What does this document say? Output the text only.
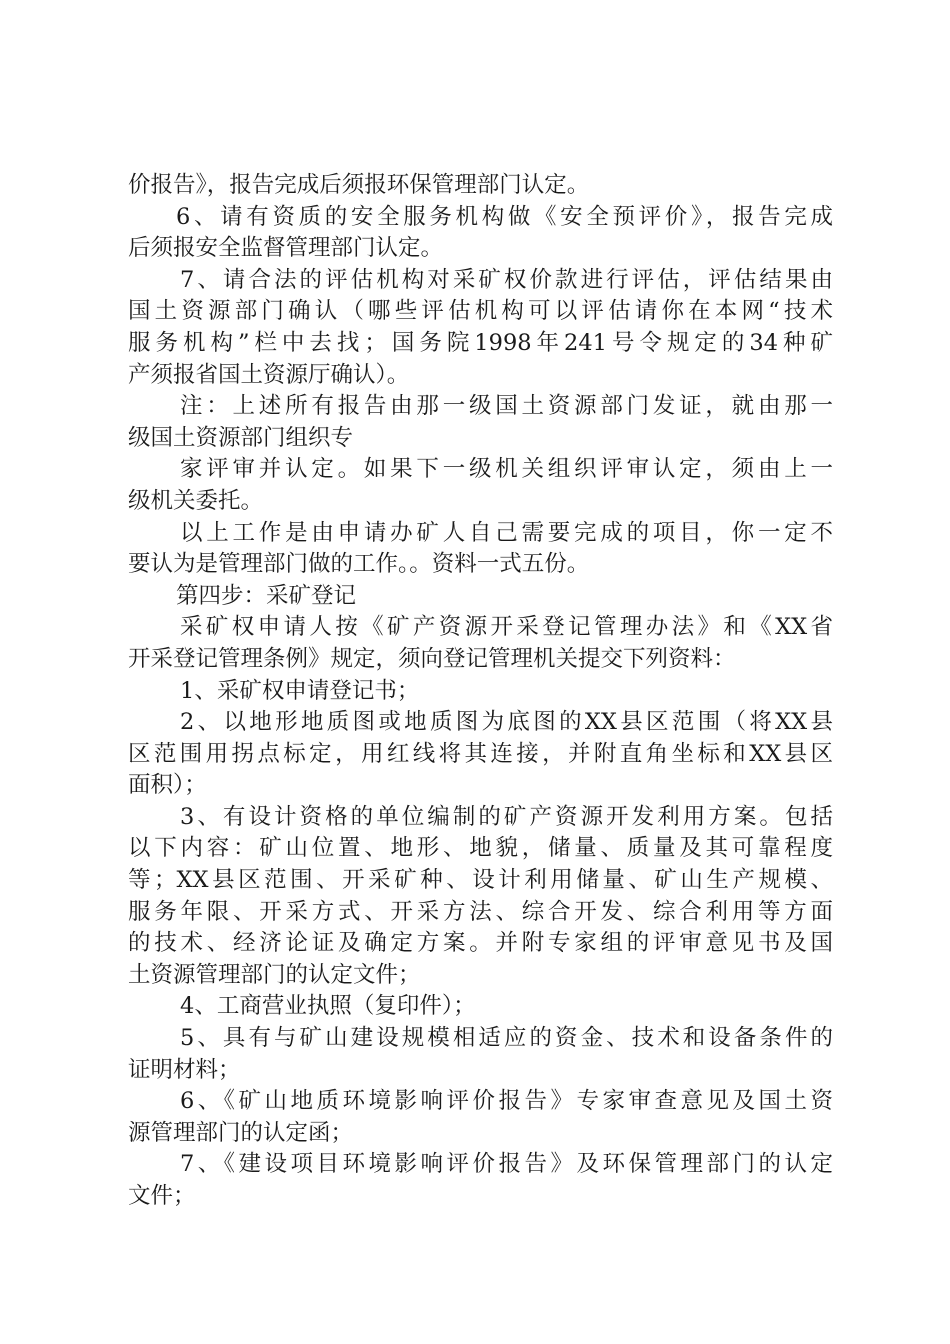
价报告》，报告完成后须报环保管理部门认定。
6、请有资质的安全服务机构做《安全预评价》，报告完成
后须报安全监督管理部门认定。
7、请合法的评估机构对采矿权价款进行评估，评估结果由
国土资源部门确认（哪些评估机构可以评估请你在本网“技术
服务机构”栏中去找；国务院1998年241号令规定的34种矿
产须报省国土资源厅确认）。
注：上述所有报告由那一级国土资源部门发证，就由那一
级国土资源部门组织专
家评审并认定。如果下一级机关组织评审认定，须由上一
级机关委托。
以上工作是由申请办矿人自己需要完成的项目，你一定不
要认为是管理部门做的工作。。资料一式五份。
第四步：采矿登记
采矿权申请人按《矿产资源开采登记管理办法》和《XX省
开采登记管理条例》规定，须向登记管理机关提交下列资料：
1、采矿权申请登记书；
2、以地形地质图或地质图为底图的XX县区范围（将XX县
区范围用拐点标定，用红线将其连接，并附直角坐标和XX县区
面积）；
3、有设计资格的单位编制的矿产资源开发利用方案。包括
以下内容：矿山位置、地形、地貌，储量、质量及其可靠程度
等；XX县区范围、开采矿种、设计利用储量、矿山生产规模、
服务年限、开采方式、开采方法、综合开发、综合利用等方面
的技术、经济论证及确定方案。并附专家组的评审意见书及国
土资源管理部门的认定文件；
4、工商营业执照（复印件）；
5、具有与矿山建设规模相适应的资金、技术和设备条件的
证明材料；
6、《矿山地质环境影响评价报告》专家审查意见及国土资
源管理部门的认定函；
7、《建设项目环境影响评价报告》及环保管理部门的认定
文件；
